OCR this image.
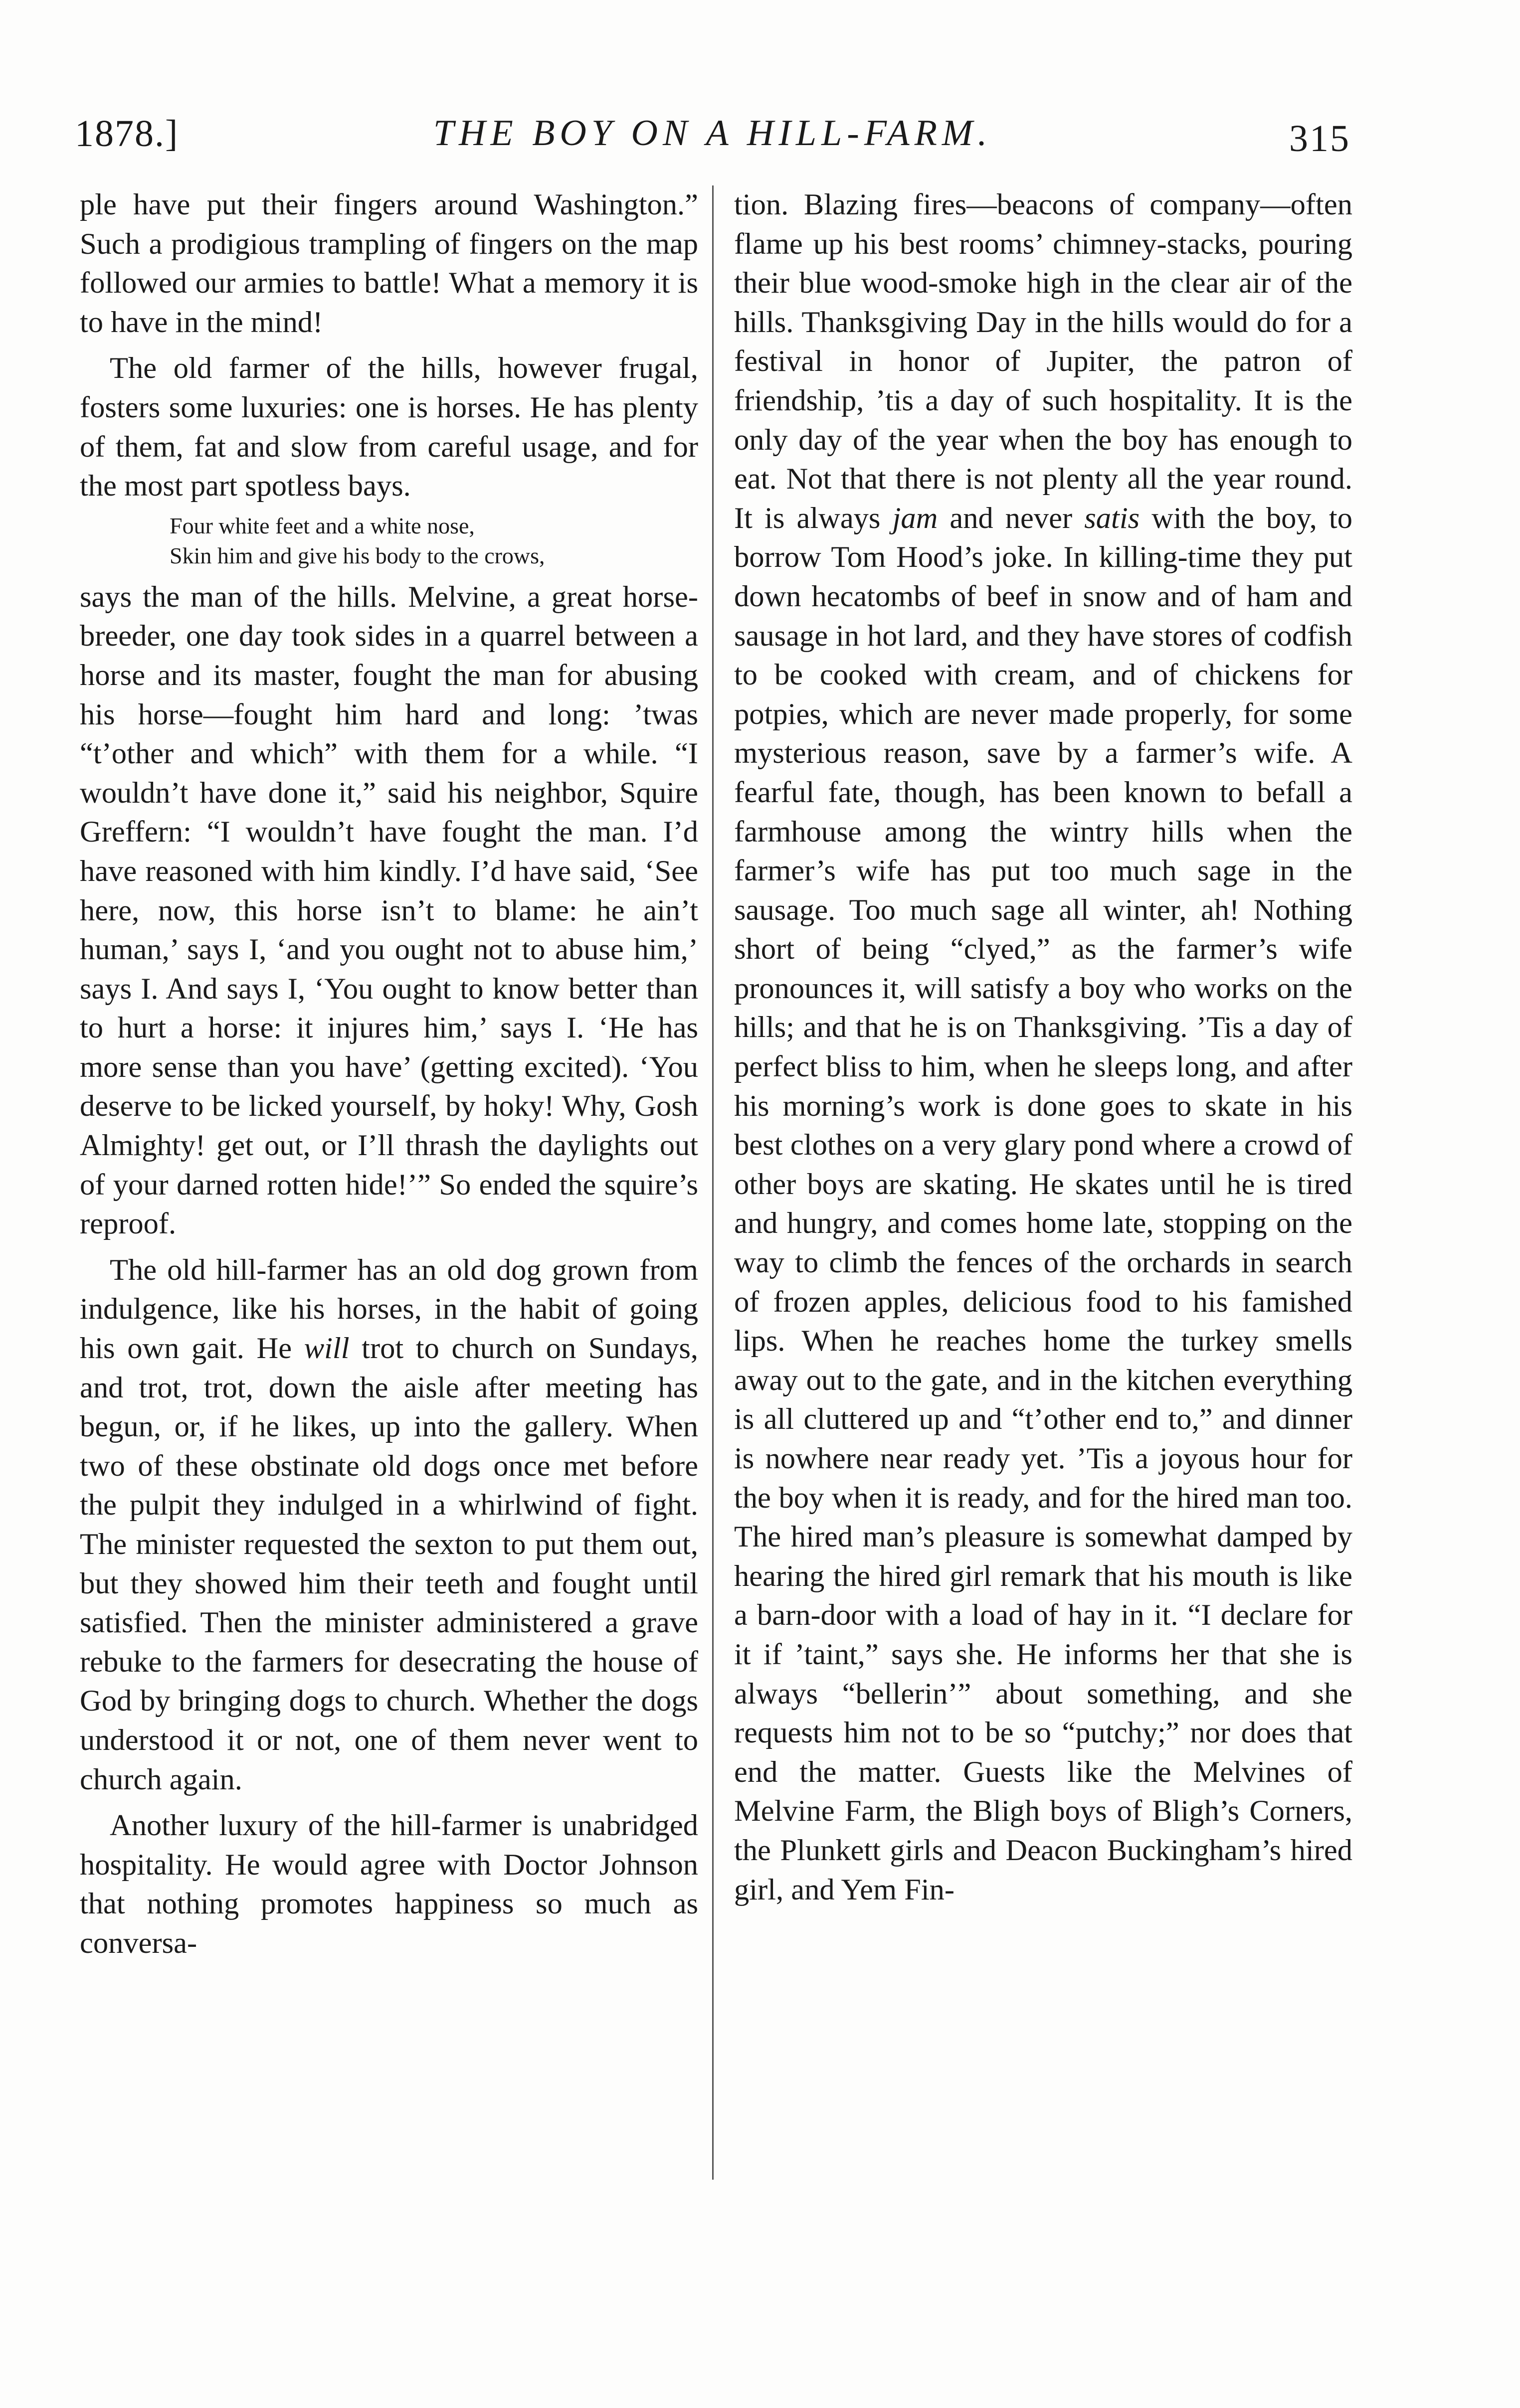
1878.]	THE BOY ON A HILL-FARM.	315

ple have put their fingers around Washington.” Such a prodigious trampling of fingers on the map followed our armies to battle! What a memory it is to have in the mind!

The old farmer of the hills, however frugal, fosters some luxuries: one is horses. He has plenty of them, fat and slow from careful usage, and for the most part spotless bays.

Four white feet and a white nose,
Skin him and give his body to the crows,

says the man of the hills. Melvine, a great horse-breeder, one day took sides in a quarrel between a horse and its master, fought the man for abusing his horse—fought him hard and long: ’twas “t’other and which” with them for a while. “I wouldn’t have done it,” said his neighbor, Squire Greffern: “I wouldn’t have fought the man. I’d have reasoned with him kindly. I’d have said, ‘See here, now, this horse isn’t to blame: he ain’t human,’ says I, ‘and you ought not to abuse him,’ says I. And says I, ‘You ought to know better than to hurt a horse: it injures him,’ says I. ‘He has more sense than you have’ (getting excited). ‘You deserve to be licked yourself, by hoky! Why, Gosh Almighty! get out, or I’ll thrash the daylights out of your darned rotten hide!’” So ended the squire’s reproof.

The old hill-farmer has an old dog grown from indulgence, like his horses, in the habit of going his own gait. He will trot to church on Sundays, and trot, trot, down the aisle after meeting has begun, or, if he likes, up into the gallery. When two of these obstinate old dogs once met before the pulpit they indulged in a whirlwind of fight. The minister requested the sexton to put them out, but they showed him their teeth and fought until satisfied. Then the minister administered a grave rebuke to the farmers for desecrating the house of God by bringing dogs to church. Whether the dogs understood it or not, one of them never went to church again.

Another luxury of the hill-farmer is unabridged hospitality. He would agree with Doctor Johnson that nothing promotes happiness so much as conversa-

tion. Blazing fires—beacons of company—often flame up his best rooms’ chimney-stacks, pouring their blue wood-smoke high in the clear air of the hills. Thanksgiving Day in the hills would do for a festival in honor of Jupiter, the patron of friendship, ’tis a day of such hospitality. It is the only day of the year when the boy has enough to eat. Not that there is not plenty all the year round. It is always jam and never satis with the boy, to borrow Tom Hood’s joke. In killing-time they put down hecatombs of beef in snow and of ham and sausage in hot lard, and they have stores of codfish to be cooked with cream, and of chickens for potpies, which are never made properly, for some mysterious reason, save by a farmer’s wife. A fearful fate, though, has been known to befall a farmhouse among the wintry hills when the farmer’s wife has put too much sage in the sausage. Too much sage all winter, ah! Nothing short of being “clyed,” as the farmer’s wife pronounces it, will satisfy a boy who works on the hills; and that he is on Thanksgiving. ’Tis a day of perfect bliss to him, when he sleeps long, and after his morning’s work is done goes to skate in his best clothes on a very glary pond where a crowd of other boys are skating. He skates until he is tired and hungry, and comes home late, stopping on the way to climb the fences of the orchards in search of frozen apples, delicious food to his famished lips. When he reaches home the turkey smells away out to the gate, and in the kitchen everything is all cluttered up and “t’other end to,” and dinner is nowhere near ready yet. ’Tis a joyous hour for the boy when it is ready, and for the hired man too. The hired man’s pleasure is somewhat damped by hearing the hired girl remark that his mouth is like a barn-door with a load of hay in it. “I declare for it if ’taint,” says she. He informs her that she is always “bellerin’” about something, and she requests him not to be so “putchy;” nor does that end the matter. Guests like the Melvines of Melvine Farm, the Bligh boys of Bligh’s Corners, the Plunkett girls and Deacon Buckingham’s hired girl, and Yem Fin-
